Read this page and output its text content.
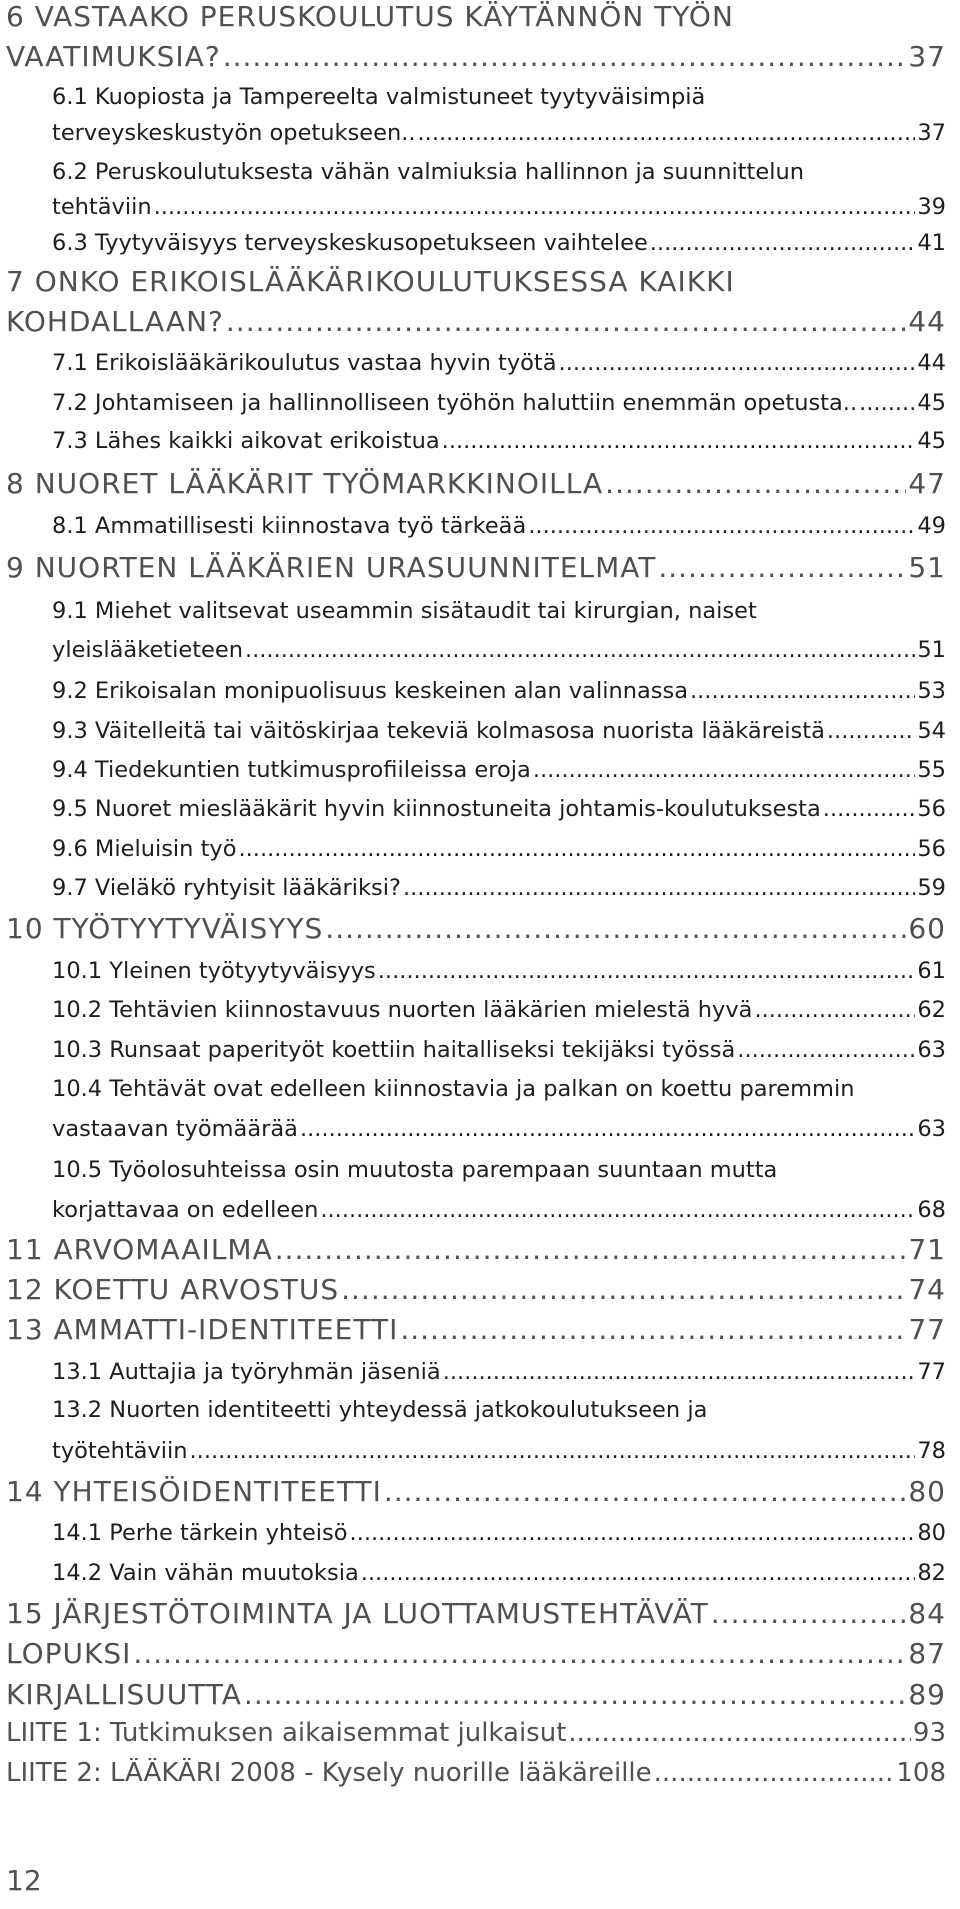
6 VASTAAKO PERUSKOULUTUS KÄYTÄNNÖN TYÖN
VAATIMUKSIA? .....	37
6.1 Kuopiosta ja Tampereelta valmistuneet tyytyväisimpiä
terveyskeskustyön opetukseen.. .....	37
6.2 Peruskoulutuksesta vähän valmiuksia hallinnon ja suunnittelun
tehtäviin .....	39
6.3 Tyytyväisyys terveyskeskusopetukseen vaihtelee .....	41
7 ONKO ERIKOISLÄÄKÄRIKOULUTUKSESSA KAIKKI
KOHDALLAAN? .....	44
7.1 Erikoislääkärikoulutus vastaa hyvin työtä .....	44
7.2 Johtamiseen ja hallinnolliseen työhön haluttiin enemmän opetusta.. .....	45
7.3 Lähes kaikki aikovat erikoistua .....	45
8 NUORET LÄÄKÄRIT TYÖMARKKINOILLA .....	47
8.1 Ammatillisesti kiinnostava työ tärkeää .....	49
9 NUORTEN LÄÄKÄRIEN URASUUNNITELMAT .....	51
9.1 Miehet valitsevat useammin sisätaudit tai kirurgian, naiset
yleislääketieteen .....	51
9.2 Erikoisalan monipuolisuus keskeinen alan valinnassa .....	53
9.3 Väitelleitä tai väitöskirjaa tekeviä kolmasosa nuorista lääkäreistä .....	54
9.4 Tiedekuntien tutkimusprofiileissa eroja .....	55
9.5 Nuoret mieslääkärit hyvin kiinnostuneita johtamis-koulutuksesta .....	56
9.6 Mieluisin työ .....	56
9.7 Vieläkö ryhtyisit lääkäriksi? .....	59
10 TYÖTYYTYVÄISYYS .....	60
10.1 Yleinen työtyytyväisyys .....	61
10.2 Tehtävien kiinnostavuus nuorten lääkärien mielestä hyvä .....	62
10.3 Runsaat paperityöt koettiin haitalliseksi tekijäksi työssä .....	63
10.4 Tehtävät ovat edelleen kiinnostavia ja palkan on koettu paremmin
vastaavan työmäärää .....	63
10.5 Työolosuhteissa osin muutosta parempaan suuntaan mutta
korjattavaa on edelleen .....	68
11 ARVOMAAILMA .....	71
12 KOETTU ARVOSTUS .....	74
13 AMMATTI-IDENTITEETTI .....	77
13.1 Auttajia ja työryhmän jäseniä .....	77
13.2 Nuorten identiteetti yhteydessä jatkokoulutukseen ja
työtehtäviin .....	78
14 YHTEISÖIDENTITEETTI .....	80
14.1 Perhe tärkein yhteisö .....	80
14.2 Vain vähän muutoksia .....	82
15 JÄRJESTÖTOIMINTA JA LUOTTAMUSTEHTÄVÄT .....	84
LOPUKSI .....	87
KIRJALLISUUTTA .....	89
LIITE 1: Tutkimuksen aikaisemmat julkaisut .....	93
LIITE 2: LÄÄKÄRI 2008 - Kysely nuorille lääkäreille .....	108
12
